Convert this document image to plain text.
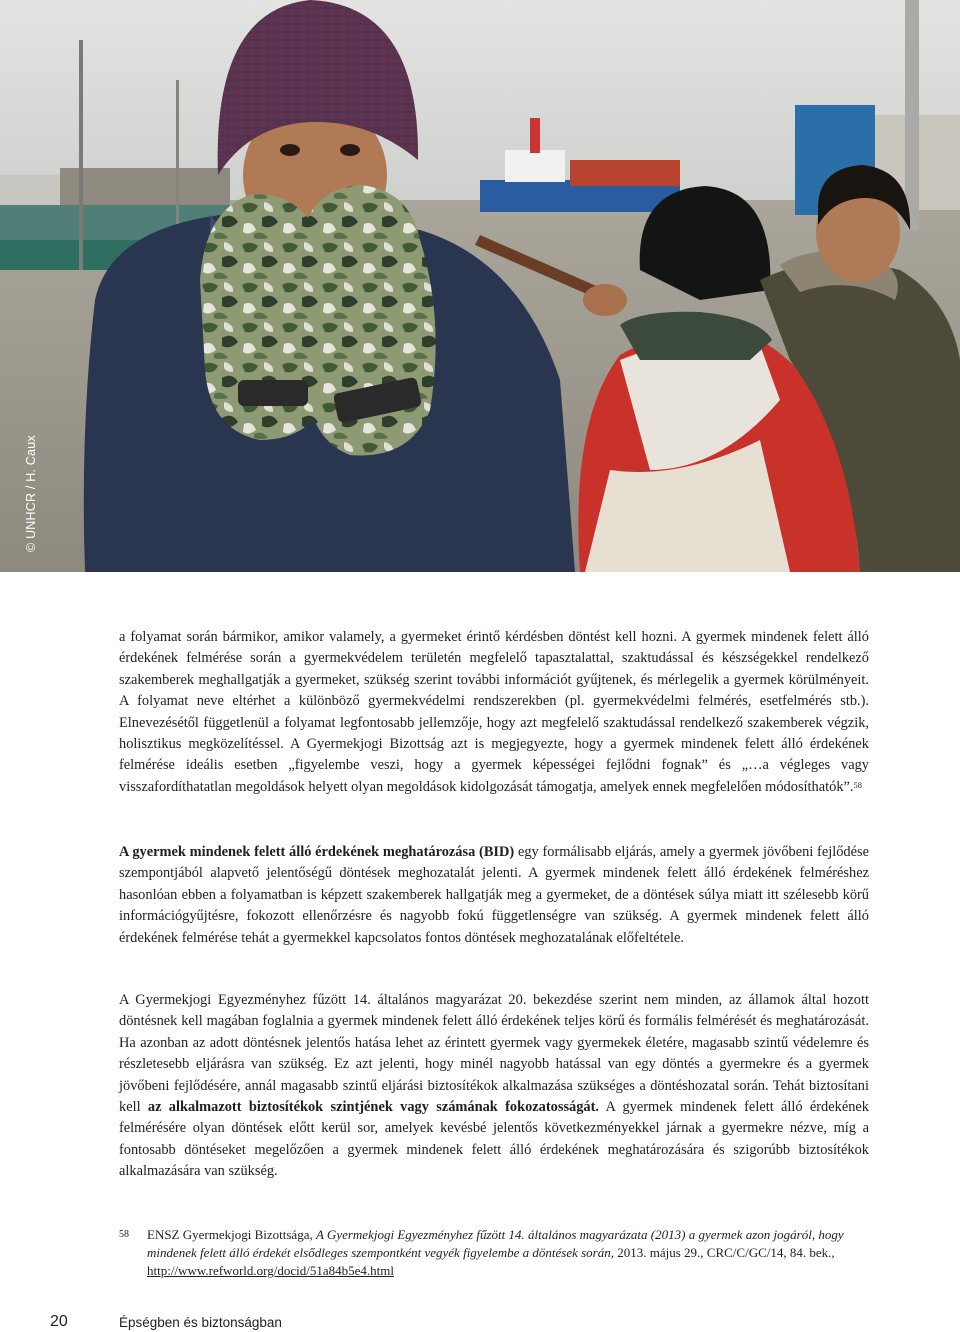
© UNHCR / H. Caux

a folyamat során bármikor, amikor valamely, a gyermeket érintő kérdésben döntést kell hozni. A gyermek mindenek felett álló érdekének felmérése során a gyermekvédelem területén megfelelő tapasztalattal, szaktudással és készségekkel rendelkező szakemberek meghallgatják a gyermeket, szükség szerint további információt gyűjtenek, és mérlegelik a gyermek körülményeit. A folyamat neve eltérhet a különböző gyermekvédelmi rendszerekben (pl. gyermekvédelmi felmérés, esetfelmérés stb.). Elnevezésétől függetlenül a folyamat legfontosabb jellemzője, hogy azt megfelelő szaktudással rendelkező szakemberek végzik, holisztikus megközelítéssel. A Gyermekjogi Bizottság azt is megjegyezte, hogy a gyermek mindenek felett álló érdekének felmérése ideális esetben „figyelembe veszi, hogy a gyermek képességei fejlődni fognak” és „…a végleges vagy visszafordíthatatlan megoldások helyett olyan megoldások kidolgozását támogatja, amelyek ennek megfelelően módosíthatók”.$^{58}$

A gyermek mindenek felett álló érdekének meghatározása (BID) egy formálisabb eljárás, amely a gyermek jövőbeni fejlődése szempontjából alapvető jelentőségű döntések meghozatalát jelenti. A gyermek mindenek felett álló érdekének felméréshez hasonlóan ebben a folyamatban is képzett szakemberek hallgatják meg a gyermeket, de a döntések súlya miatt itt szélesebb körű információgyűjtésre, fokozott ellenőrzésre és nagyobb fokú függetlenségre van szükség. A gyermek mindenek felett álló érdekének felmérése tehát a gyermekkel kapcsolatos fontos döntések meghozatalának előfeltétele.

A Gyermekjogi Egyezményhez fűzött 14. általános magyarázat 20. bekezdése szerint nem minden, az államok által hozott döntésnek kell magában foglalnia a gyermek mindenek felett álló érdekének teljes körű és formális felmérését és meghatározását. Ha azonban az adott döntésnek jelentős hatása lehet az érintett gyermek vagy gyermekek életére, magasabb szintű védelemre és részletesebb eljárásra van szükség. Ez azt jelenti, hogy minél nagyobb hatással van egy döntés a gyermekre és a gyermek jövőbeni fejlődésére, annál magasabb szintű eljárási biztosítékok alkalmazása szükséges a döntéshozatal során. Tehát biztosítani kell az alkalmazott biztosítékok szintjének vagy számának fokozatosságát. A gyermek mindenek felett álló érdekének felmérésére olyan döntések előtt kerül sor, amelyek kevésbé jelentős következményekkel járnak a gyermekre nézve, míg a fontosabb döntéseket megelőzően a gyermek mindenek felett álló érdekének meghatározására és szigorúbb biztosítékok alkalmazására van szükség.

58 ENSZ Gyermekjogi Bizottsága, A Gyermekjogi Egyezményhez fűzött 14. általános magyarázata (2013) a gyermek azon jogáról, hogy mindenek felett álló érdekét elsődleges szempontként vegyék figyelembe a döntések során, 2013. május 29., CRC/C/GC/14, 84. bek., http://www.refworld.org/docid/51a84b5e4.html
20	Épségben és biztonságban
